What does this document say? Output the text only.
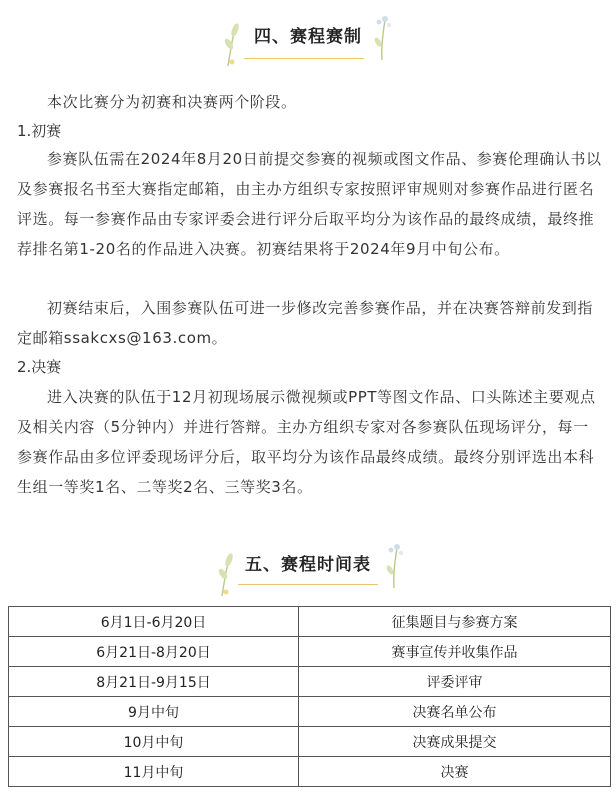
四、赛程赛制
本次比赛分为初赛和决赛两个阶段。
1.初赛
参赛队伍需在2024年8月20日前提交参赛的视频或图文作品、参赛伦理确认书以及参赛报名书至大赛指定邮箱，由主办方组织专家按照评审规则对参赛作品进行匿名评选。每一参赛作品由专家评委会进行评分后取平均分为该作品的最终成绩，最终推荐排名第1-20名的作品进入决赛。初赛结果将于2024年9月中旬公布。
初赛结束后，入围参赛队伍可进一步修改完善参赛作品，并在决赛答辩前发到指定邮箱ssakcxs@163.com。
2.决赛
进入决赛的队伍于12月初现场展示微视频或PPT等图文作品、口头陈述主要观点及相关内容（5分钟内）并进行答辩。主办方组织专家对各参赛队伍现场评分，每一参赛作品由多位评委现场评分后，取平均分为该作品最终成绩。最终分别评选出本科生组一等奖1名、二等奖2名、三等奖3名。
五、赛程时间表
6月1日-6月20日	征集题目与参赛方案
6月21日-8月20日	赛事宣传并收集作品
8月21日-9月15日	评委评审
9月中旬	决赛名单公布
10月中旬	决赛成果提交
11月中旬	决赛
